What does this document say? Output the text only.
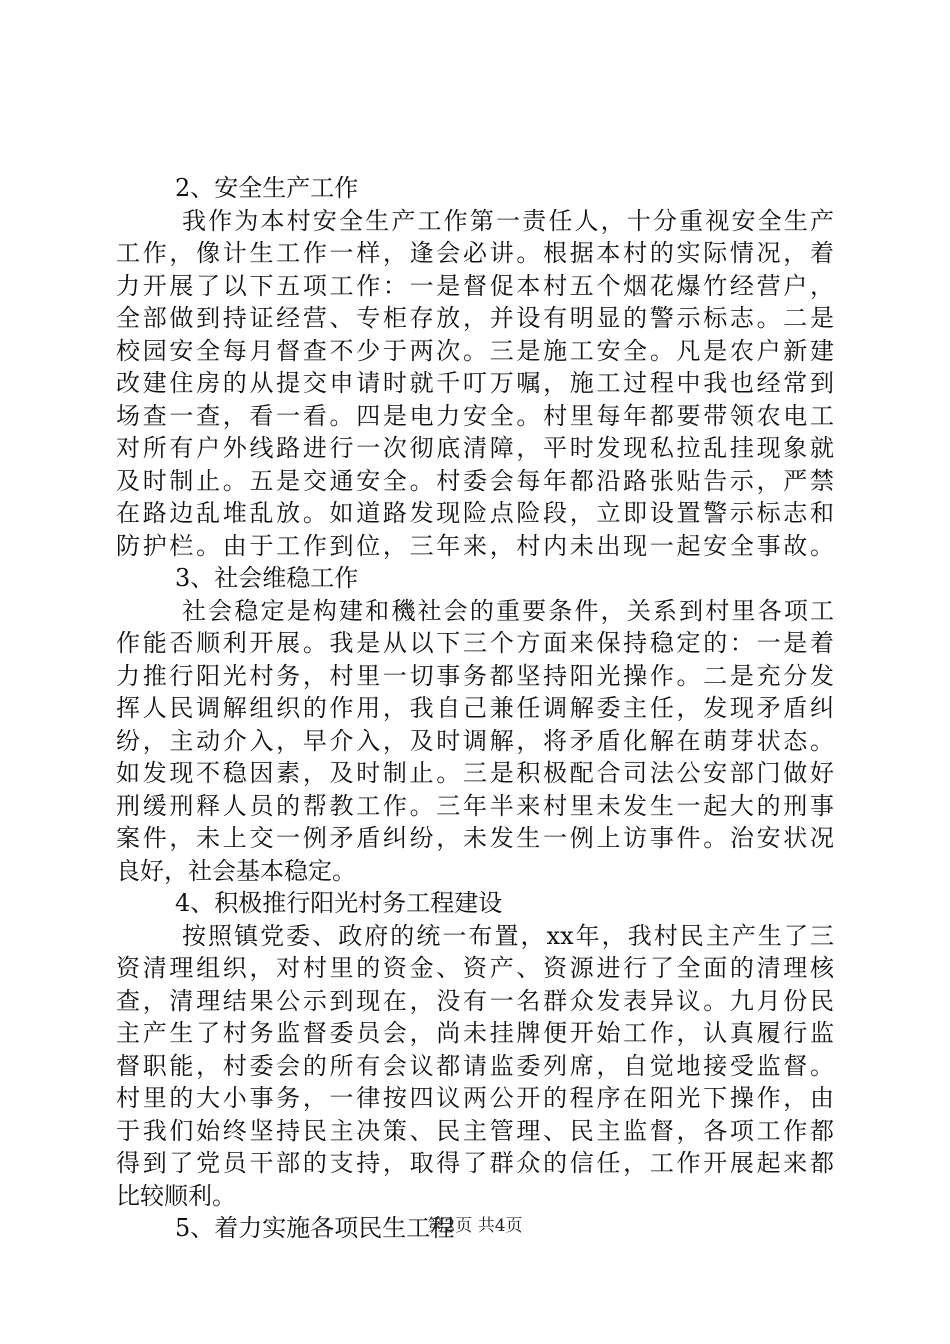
2、安全生产工作
我作为本村安全生产工作第一责任人，十分重视安全生产
工作，像计生工作一样，逢会必讲。根据本村的实际情况，着
力开展了以下五项工作：一是督促本村五个烟花爆竹经营户，
全部做到持证经营、专柜存放，并设有明显的警示标志。二是
校园安全每月督查不少于两次。三是施工安全。凡是农户新建
改建住房的从提交申请时就千叮万嘱，施工过程中我也经常到
场查一查，看一看。四是电力安全。村里每年都要带领农电工
对所有户外线路进行一次彻底清障，平时发现私拉乱挂现象就
及时制止。五是交通安全。村委会每年都沿路张贴告示，严禁
在路边乱堆乱放。如道路发现险点险段，立即设置警示标志和
防护栏。由于工作到位，三年来，村内未出现一起安全事故。
3、社会维稳工作
社会稳定是构建和穖社会的重要条件，关系到村里各项工
作能否顺利开展。我是从以下三个方面来保持稳定的：一是着
力推行阳光村务，村里一切事务都坚持阳光操作。二是充分发
挥人民调解组织的作用，我自己兼任调解委主任，发现矛盾纠
纷，主动介入，早介入，及时调解，将矛盾化解在萌芽状态。
如发现不稳因素，及时制止。三是积极配合司法公安部门做好
刑缓刑释人员的帮教工作。三年半来村里未发生一起大的刑事
案件，未上交一例矛盾纠纷，未发生一例上访事件。治安状况
良好，社会基本稳定。
4、积极推行阳光村务工程建设
按照镇党委、政府的统一布置，xx年，我村民主产生了三
资清理组织，对村里的资金、资产、资源进行了全面的清理核
查，清理结果公示到现在，没有一名群众发表异议。九月份民
主产生了村务监督委员会，尚未挂牌便开始工作，认真履行监
督职能，村委会的所有会议都请监委列席，自觉地接受监督。
村里的大小事务，一律按四议两公开的程序在阳光下操作，由
于我们始终坚持民主决策、民主管理、民主监督，各项工作都
得到了党员干部的支持，取得了群众的信任，工作开展起来都
比较顺利。
5、着力实施各项民生工程
第2页 共4页
